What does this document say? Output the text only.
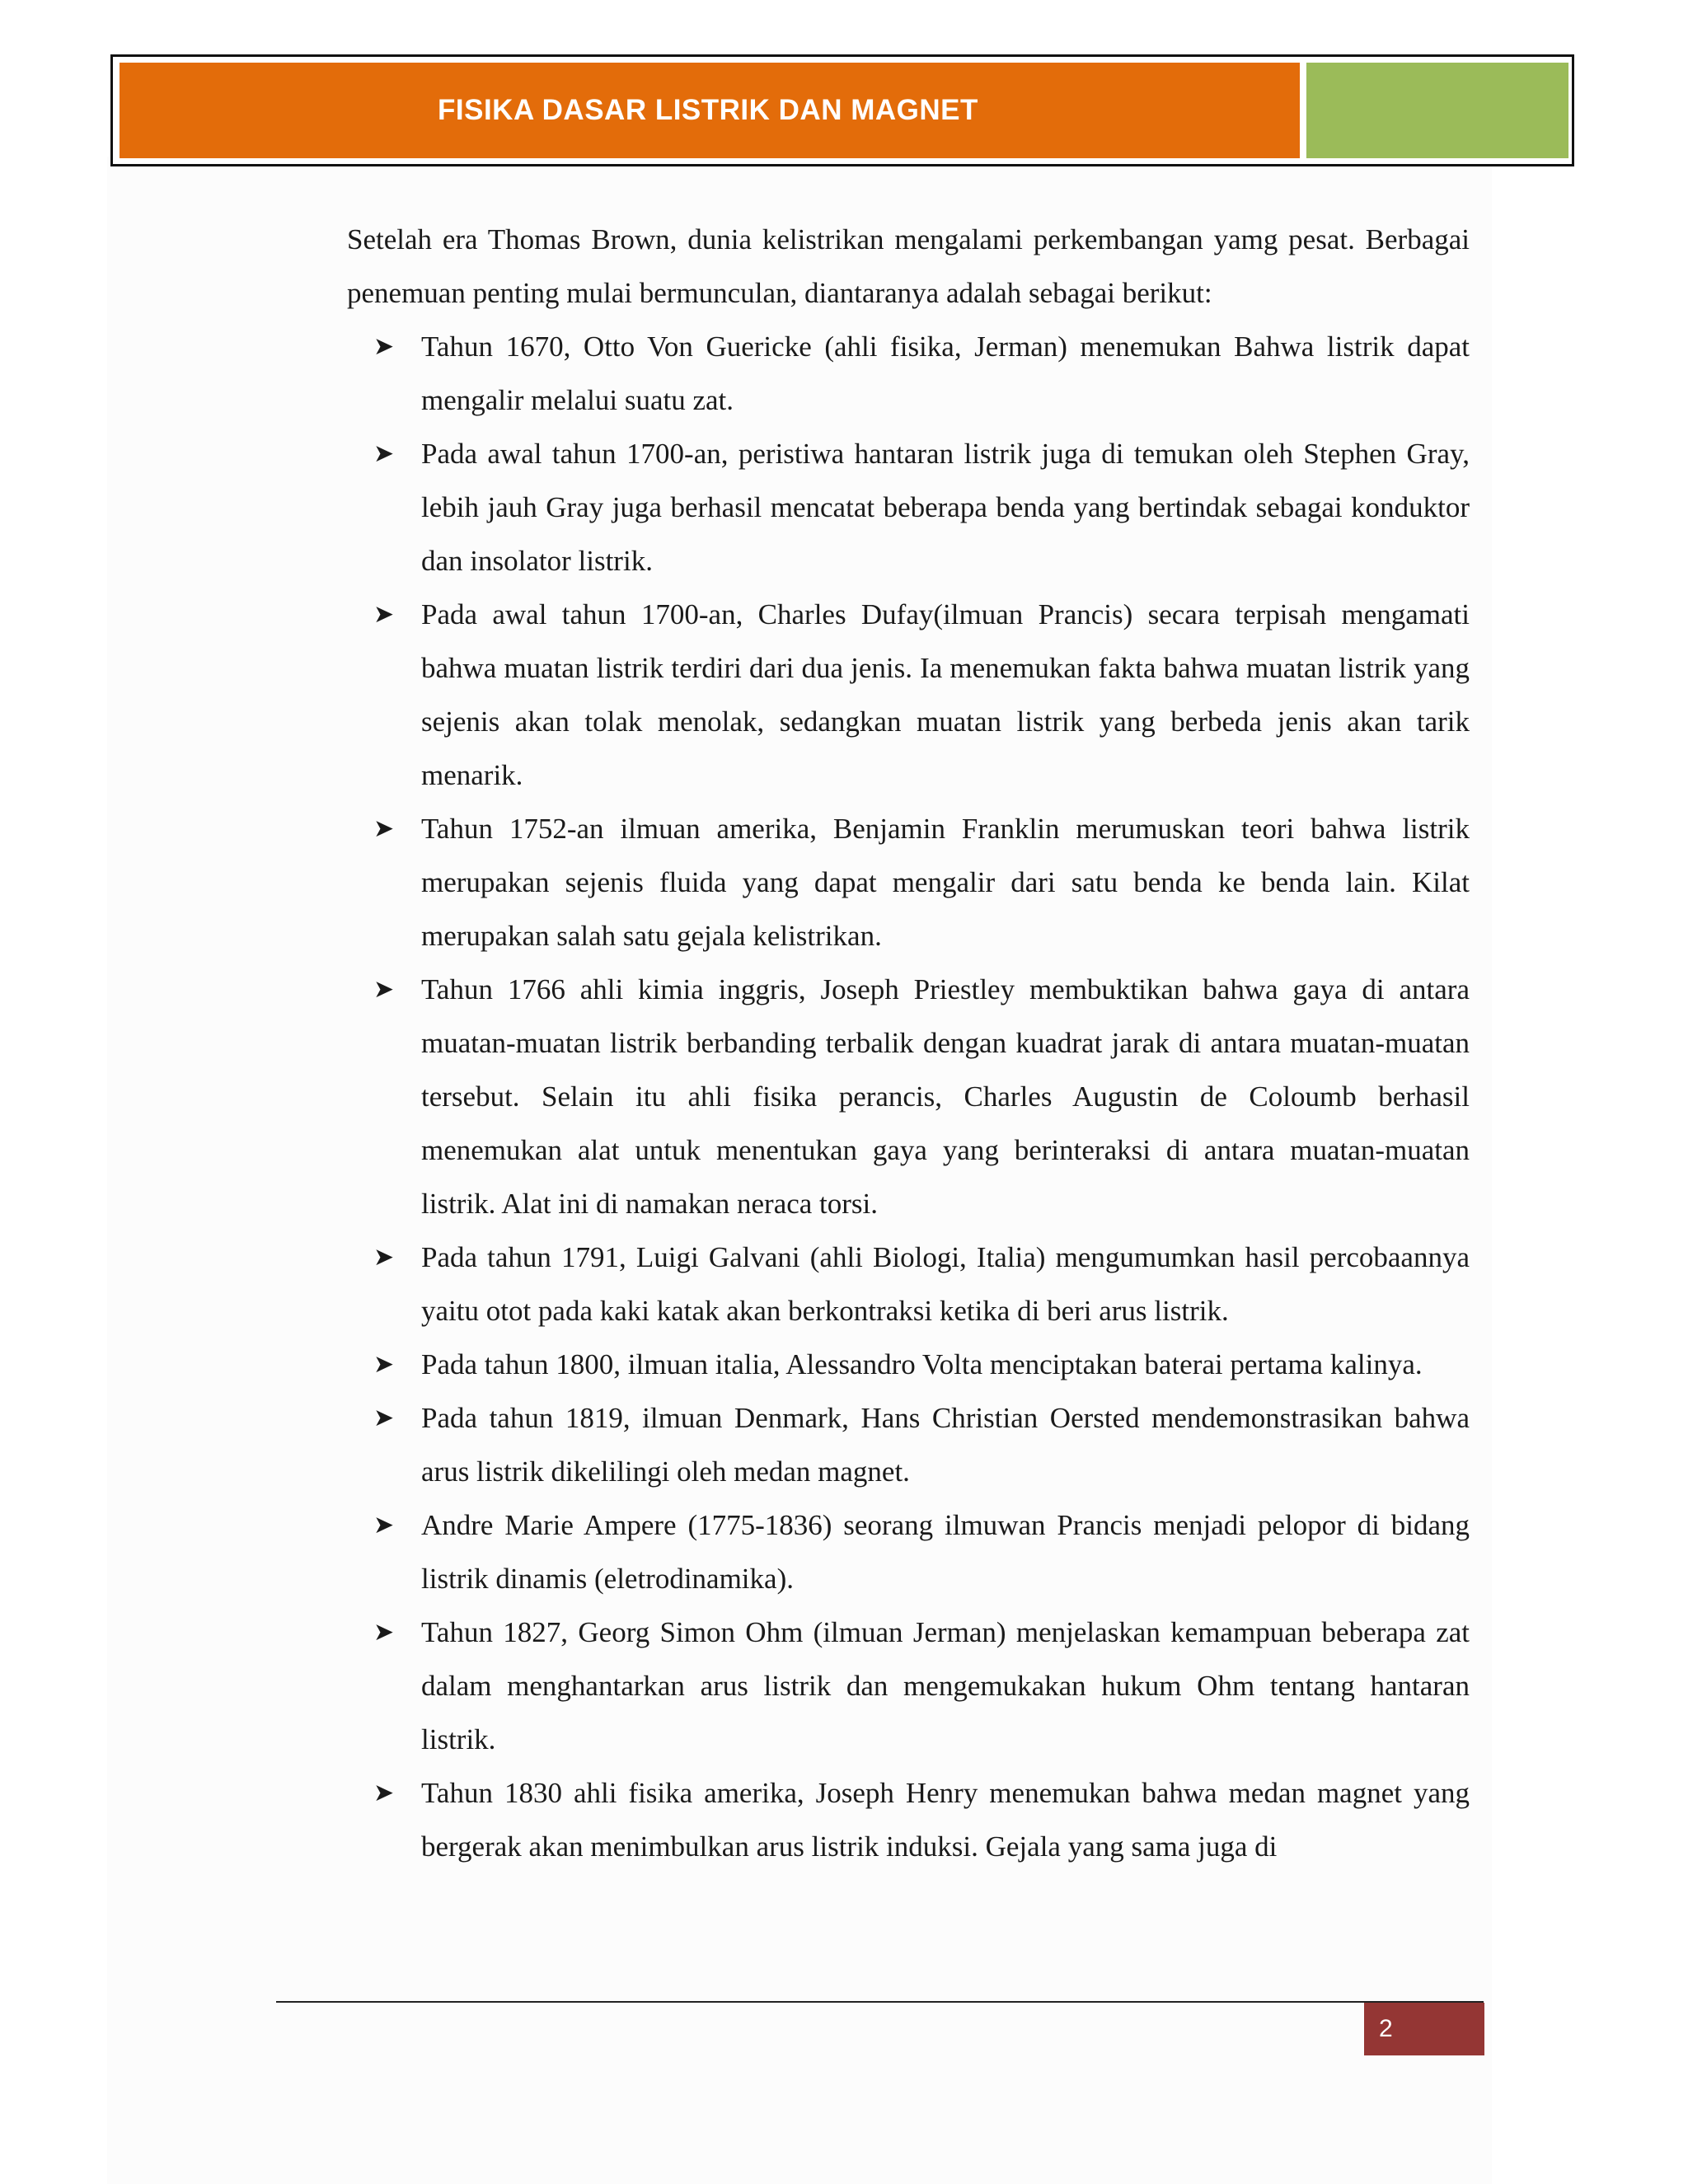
FISIKA DASAR LISTRIK DAN MAGNET

Setelah era Thomas Brown, dunia kelistrikan mengalami perkembangan yamg pesat. Berbagai penemuan penting mulai bermunculan, diantaranya adalah sebagai berikut:

➤ Tahun 1670, Otto Von Guericke (ahli fisika, Jerman) menemukan Bahwa listrik dapat mengalir melalui suatu zat.
➤ Pada awal tahun 1700-an, peristiwa hantaran listrik juga di temukan oleh Stephen Gray, lebih jauh Gray juga berhasil mencatat beberapa benda yang bertindak sebagai konduktor dan insolator listrik.
➤ Pada awal tahun 1700-an, Charles Dufay(ilmuan Prancis) secara terpisah mengamati bahwa muatan listrik terdiri dari dua jenis. Ia menemukan fakta bahwa muatan listrik yang sejenis akan tolak menolak, sedangkan muatan listrik yang berbeda jenis akan tarik menarik.
➤ Tahun 1752-an ilmuan amerika, Benjamin Franklin merumuskan teori bahwa listrik merupakan sejenis fluida yang dapat mengalir dari satu benda ke benda lain. Kilat merupakan salah satu gejala kelistrikan.
➤ Tahun 1766 ahli kimia inggris, Joseph Priestley membuktikan bahwa gaya di antara muatan-muatan listrik berbanding terbalik dengan kuadrat jarak di antara muatan-muatan tersebut. Selain itu ahli fisika perancis, Charles Augustin de Coloumb berhasil menemukan alat untuk menentukan gaya yang berinteraksi di antara muatan-muatan listrik. Alat ini di namakan neraca torsi.
➤ Pada tahun 1791, Luigi Galvani (ahli Biologi, Italia) mengumumkan hasil percobaannya yaitu otot pada kaki katak akan berkontraksi ketika di beri arus listrik.
➤ Pada tahun 1800, ilmuan italia, Alessandro Volta menciptakan baterai pertama kalinya.
➤ Pada tahun 1819, ilmuan Denmark, Hans Christian Oersted mendemonstrasikan bahwa arus listrik dikelilingi oleh medan magnet.
➤ Andre Marie Ampere (1775-1836) seorang ilmuwan Prancis menjadi pelopor di bidang listrik dinamis (eletrodinamika).
➤ Tahun 1827, Georg Simon Ohm (ilmuan Jerman) menjelaskan kemampuan beberapa zat dalam menghantarkan arus listrik dan mengemukakan hukum Ohm tentang hantaran listrik.
➤ Tahun 1830 ahli fisika amerika, Joseph Henry menemukan bahwa medan magnet yang bergerak akan menimbulkan arus listrik induksi. Gejala yang sama juga di
2
